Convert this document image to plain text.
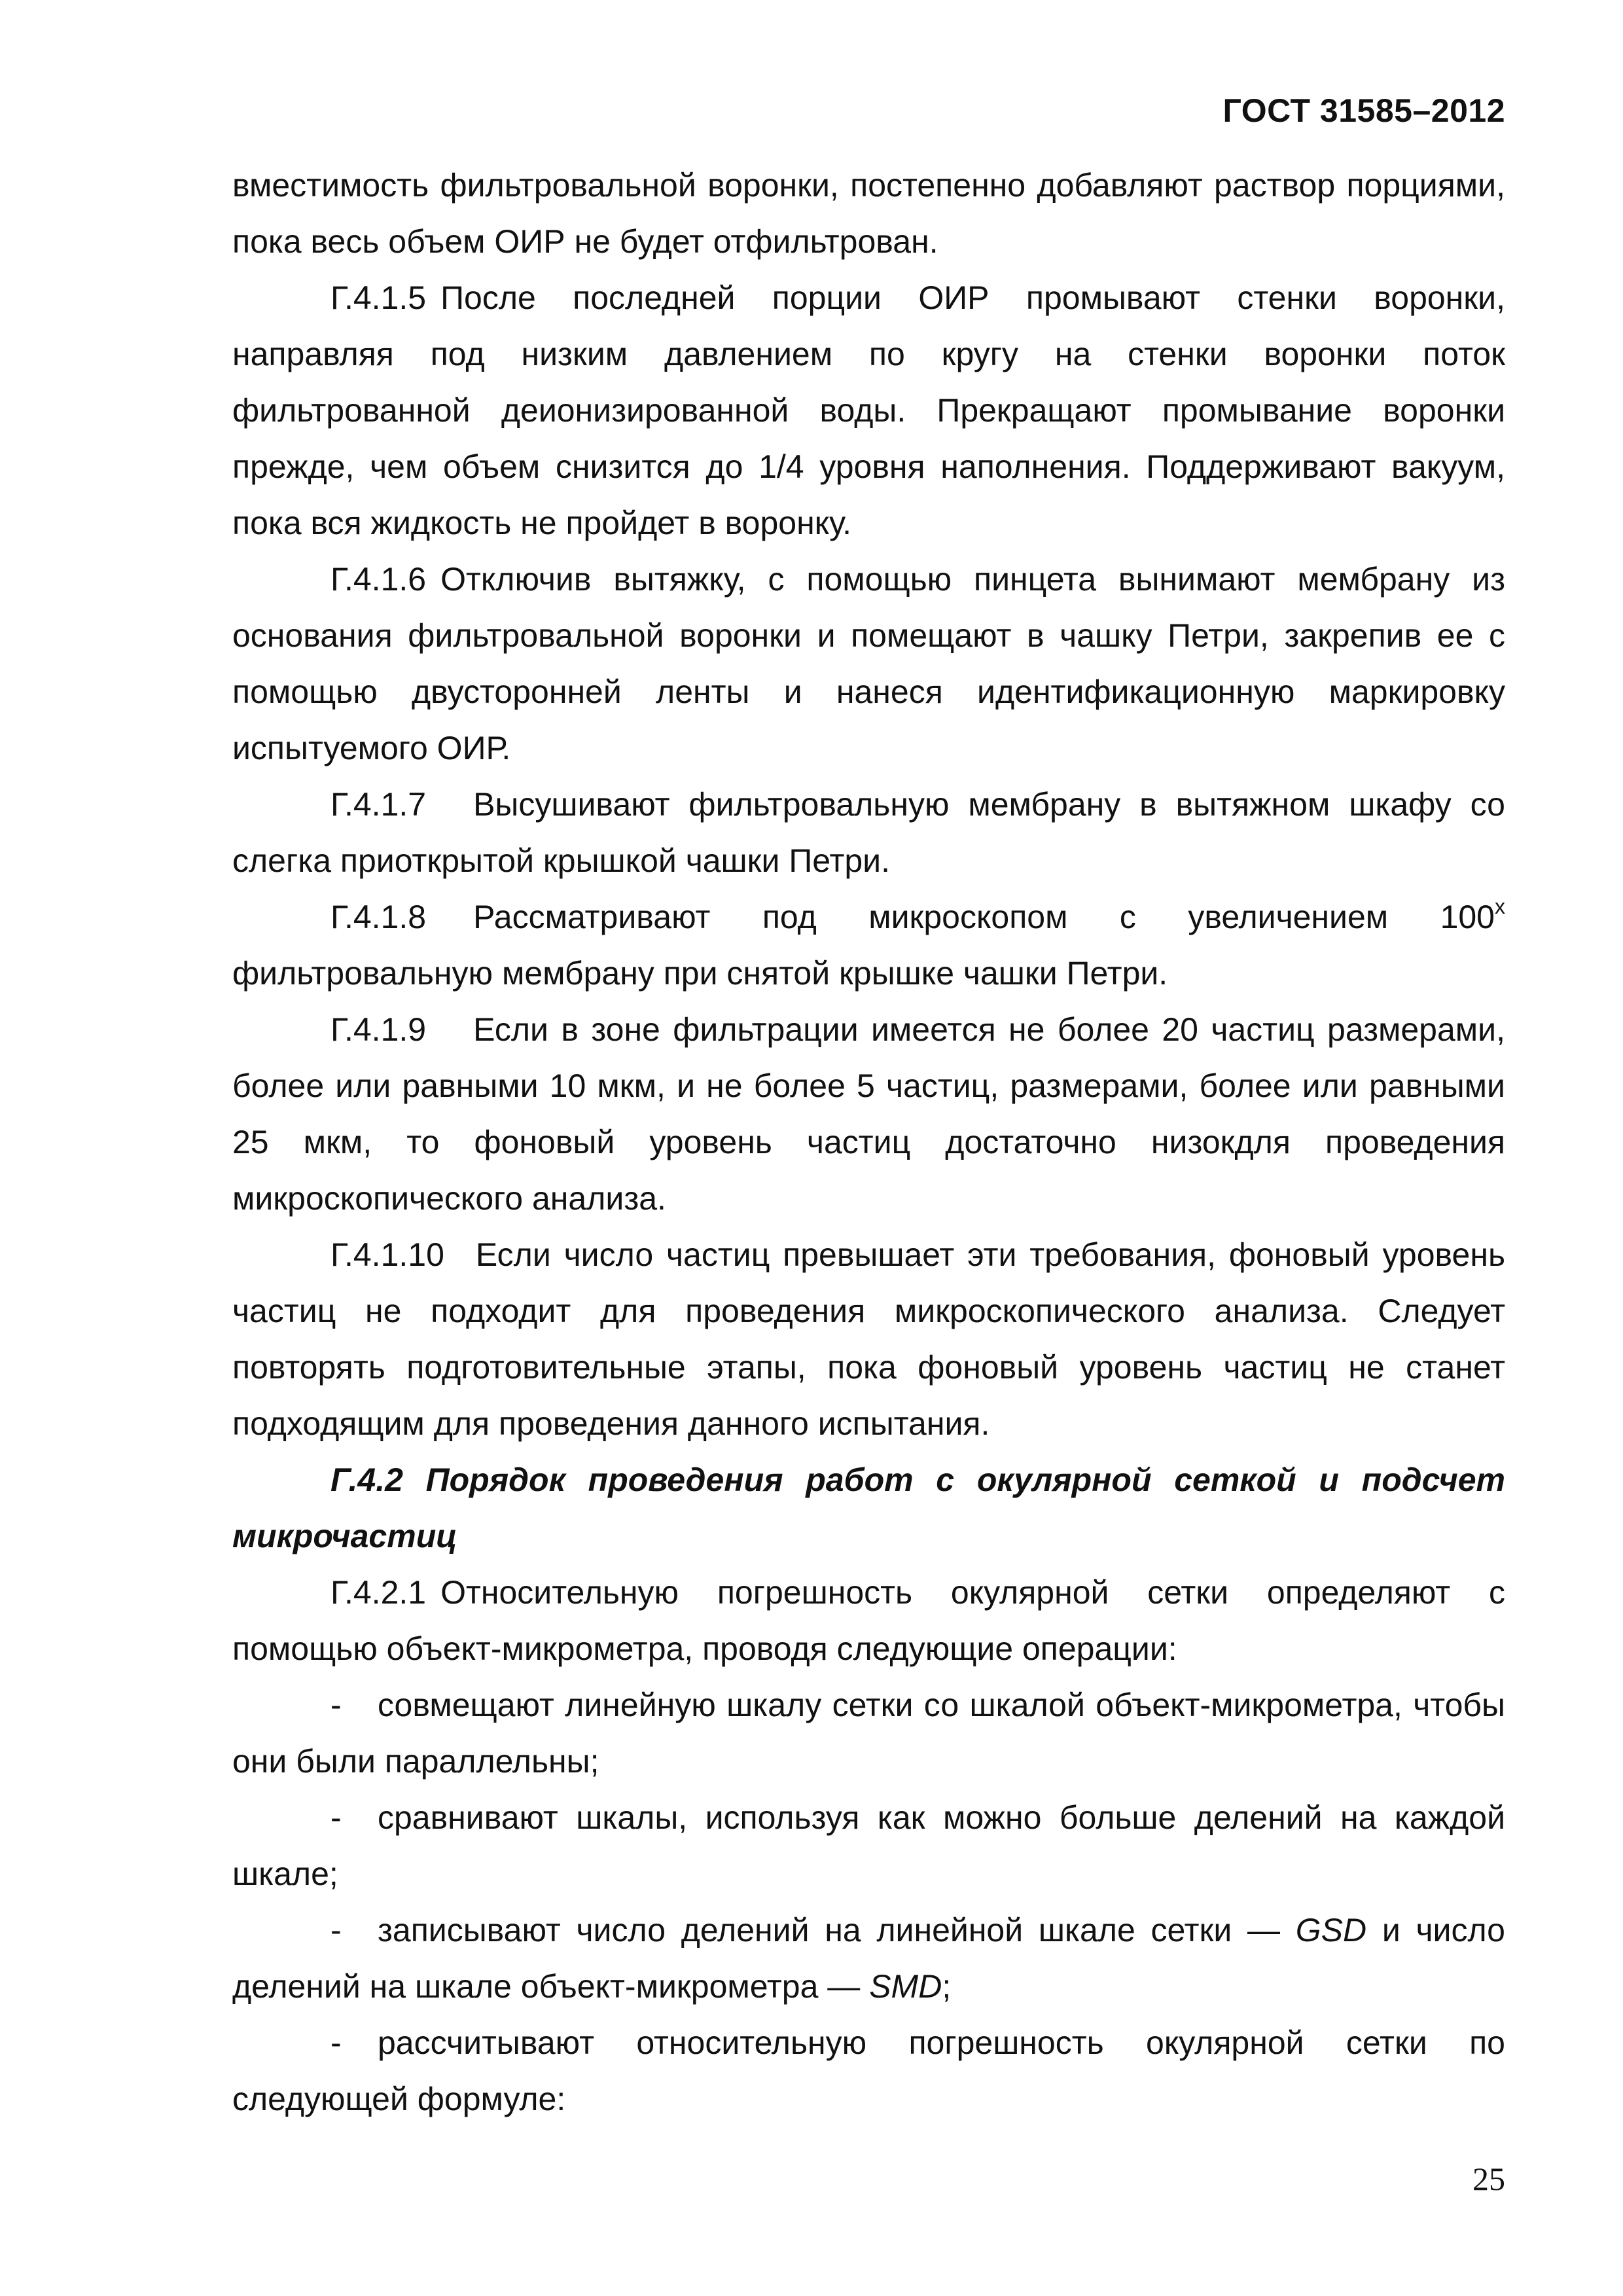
ГОСТ 31585–2012

вместимость фильтровальной воронки, постепенно добавляют раствор порциями, пока весь объем ОИР не будет отфильтрован.

Г.4.1.5 После последней порции ОИР промывают стенки воронки, направляя под низким давлением по кругу на стенки воронки поток фильтрованной деионизированной воды. Прекращают промывание воронки прежде, чем объем снизится до 1/4 уровня наполнения. Поддерживают вакуум, пока вся жидкость не пройдет в воронку.

Г.4.1.6 Отключив вытяжку, с помощью пинцета вынимают мембрану из основания фильтровальной воронки и помещают в чашку Петри, закрепив ее с помощью двусторонней ленты и нанеся идентификационную маркировку испытуемого ОИР.

Г.4.1.7 Высушивают фильтровальную мембрану в вытяжном шкафу со слегка приоткрытой крышкой чашки Петри.

Г.4.1.8 Рассматривают под микроскопом с увеличением 100$^x$ фильтровальную мембрану при снятой крышке чашки Петри.

Г.4.1.9 Если в зоне фильтрации имеется не более 20 частиц размерами, более или равными 10 мкм, и не более 5 частиц, размерами, более или равными 25 мкм, то фоновый уровень частиц достаточно низокдля проведения микроскопического анализа.

Г.4.1.10 Если число частиц превышает эти требования, фоновый уровень частиц не подходит для проведения микроскопического анализа. Следует повторять подготовительные этапы, пока фоновый уровень частиц не станет подходящим для проведения данного испытания.

Г.4.2 Порядок проведения работ с окулярной сеткой и подсчет микрочастиц

Г.4.2.1 Относительную погрешность окулярной сетки определяют с помощью объект-микрометра, проводя следующие операции:

- совмещают линейную шкалу сетки со шкалой объект-микрометра, чтобы они были параллельны;

- сравнивают шкалы, используя как можно больше делений на каждой шкале;

- записывают число делений на линейной шкале сетки — GSD и число делений на шкале объект-микрометра — SMD;

- рассчитывают относительную погрешность окулярной сетки по следующей формуле:

25
